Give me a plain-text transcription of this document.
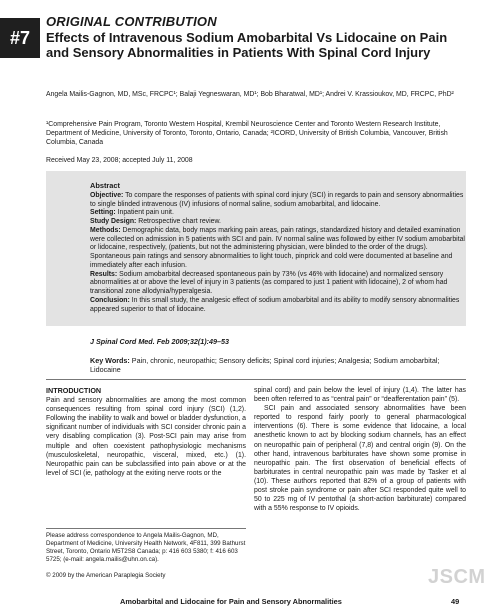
#7
ORIGINAL CONTRIBUTION
Effects of Intravenous Sodium Amobarbital Vs Lidocaine on Pain and Sensory Abnormalities in Patients With Spinal Cord Injury
Angela Mailis-Gagnon, MD, MSc, FRCPC¹; Balaji Yegneswaran, MD¹; Bob Bharatwal, MD¹; Andrei V. Krassioukov, MD, FRCPC, PhD²
¹Comprehensive Pain Program, Toronto Western Hospital, Krembil Neuroscience Center and Toronto Western Research Institute, Department of Medicine, University of Toronto, Toronto, Ontario, Canada; ²ICORD, University of British Columbia, Vancouver, British Columbia, Canada
Received May 23, 2008; accepted July 11, 2008
Abstract

Objective: To compare the responses of patients with spinal cord injury (SCI) in regards to pain and sensory abnormalities to single blinded intravenous (IV) infusions of normal saline, sodium amobarbital, and lidocaine.

Setting: Inpatient pain unit.

Study Design: Retrospective chart review.

Methods: Demographic data, body maps marking pain areas, pain ratings, standardized history and detailed examination were collected on admission in 5 patients with SCI and pain. IV normal saline was followed by either IV sodium amobarbital or lidocaine, respectively, (patients, but not the administering physician, were blinded to the order of the drugs). Spontaneous pain ratings and sensory abnormalities to light touch, pinprick and cold were documented at baseline and immediately after each infusion.

Results: Sodium amobarbital decreased spontaneous pain by 73% (vs 46% with lidocaine) and normalized sensory abnormalities at or above the level of injury in 3 patients (as compared to just 1 patient with lidocaine), 2 of whom had transitional zone allodynia/hyperalgesia.

Conclusion: In this small study, the analgesic effect of sodium amobarbital and its ability to modify sensory abnormalities appeared superior to that of lidocaine.

J Spinal Cord Med. Feb 2009;32(1):49–53
Key Words: Pain, chronic, neuropathic; Sensory deficits; Spinal cord injuries; Analgesia; Sodium amobarbital; Lidocaine
INTRODUCTION

Pain and sensory abnormalities are among the most common consequences resulting from spinal cord injury (SCI) (1,2). Following the inability to walk and bowel or bladder dysfunction, a significant number of individuals with SCI consider chronic pain a very disabling complication (3). Post-SCI pain may arise from multiple and often coexistent pathophysiologic mechanisms (musculoskeletal, neuropathic, visceral, mixed, etc.) (1). Neuropathic pain can be subclassified into pain above or at the level of SCI (ie, pathology at the exiting nerve roots or the

spinal cord) and pain below the level of injury (1,4). The latter has been often referred to as “central pain” or “deafferentation pain” (5).

SCI pain and associated sensory abnormalities have been reported to respond fairly poorly to general pharmacological interventions (6). There is some evidence that lidocaine, a local anesthetic known to act by blocking sodium channels, has an effect on neuropathic pain of peripheral (7,8) and central origin (9). On the other hand, intravenous barbiturates have shown some promise in neuropathic pain. The first observation of beneficial effects of barbiturates in central neuropathic pain was made by Tasker et al (10). These authors reported that 82% of a group of patients with post stroke pain syndrome or pain after SCI responded quite well to 50 to 225 mg of IV pentothal (a short-action barbiturate) compared with a 55% response to IV opioids.

Please address correspondence to Angela Mailis-Gagnon, MD, Department of Medicine, University Health Network, 4F811, 399 Bathurst Street, Toronto, Ontario M5T2S8 Canada; p: 416 603 5380; f: 416 603 5725; (e-mail: angela.mailis@uhn.on.ca).
© 2009 by the American Paraplegia Society	JSCM
Amobarbital and Lidocaine for Pain and Sensory Abnormalities	49
